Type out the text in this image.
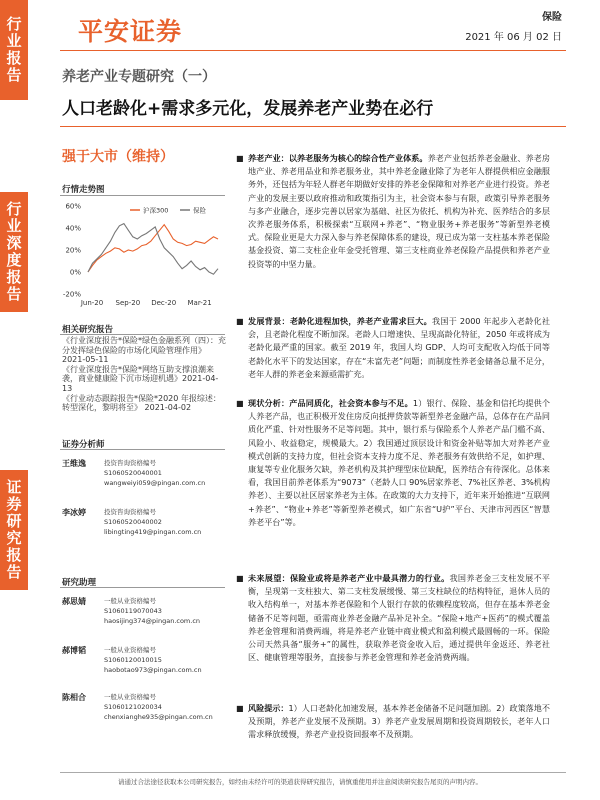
行业报告
行业深度报告
证券研究报告
平安证券	保险
2021 年 06 月 02 日
养老产业专题研究（一）
人口老龄化+需求多元化，发展养老产业势在必行
强于大市（维持）
行情走势图
60%
40%
20%
0%
-20%
Jun-20 Sep-20 Dec-20 Mar-21
沪深300	保险
相关研究报告
《行业深度报告*保险*绿色金融系列（四）：充分发挥绿色保险的市场化风险管理作用》 2021-05-11
《行业深度报告*保险*网络互助支撑浪潮来袭，商业健康险下沉市场迎机遇》2021-04-13
《行业动态跟踪报告*保险*2020 年报综述：转型深化，黎明将至》 2021-04-02
证券分析师
王维逸	投资咨询资格编号
S1060520040001
wangweiyi059@pingan.com.cn
李冰婷	投资咨询资格编号
S1060520040002
libingting419@pingan.com.cn
研究助理
郝思婧	一般从业资格编号
S1060119070043
haosijing374@pingan.com.cn
郝博韬	一般从业资格编号
S1060120010015
haobotao973@pingan.com.cn
陈相合	一般从业资格编号
S1060121020034
chenxianghe935@pingan.com.cn
■ 养老产业：以养老服务为核心的综合性产业体系。养老产业包括养老金融业、养老房地产业、养老用品业和养老服务业，其中养老金融业除了为老年人群提供相应金融服务外，还包括为年轻人群老年期做好安排的养老金保障和对养老产业进行投资。养老产业的发展主要以政府推动和政策指引为主，社会资本参与有限，政策引导养老服务与多产业融合，逐步完善以居家为基础、社区为依托、机构为补充、医养结合的多层次养老服务体系，积极探索“互联网+养老”、“物业服务+养老服务”等新型养老模式。保险业更是大力深入参与养老保障体系的建设，现已成为第一支柱基本养老保险基金投资、第二支柱企业年金受托管理、第三支柱商业养老保险产品提供和养老产业投资等的中坚力量。
■ 发展背景：老龄化进程加快，养老产业需求巨大。我国于 2000 年起步入老龄化社会，且老龄化程度不断加深。老龄人口增速快、呈现高龄化特征，2050 年或将成为老龄化最严重的国家。截至 2019 年，我国人均 GDP、人均可支配收入均低于同等老龄化水平下的发达国家，存在“未富先老”问题；而制度性养老金储备总量不足分，老年人群的养老金来源亟需扩充。
■ 现状分析：产品同质化，社会资本参与不足。1）银行、保险、基金和信托均提供个人养老产品，也正积极开发住房反向抵押贷款等新型养老金融产品，总体存在产品同质化严重、针对性服务不足等问题。其中，银行系与保险系个人养老产品门槛不高、风险小、收益稳定，规模最大。2）我国通过顶层设计和资金补贴等加大对养老产业模式创新的支持力度，但社会资本支持力度不足、养老服务有效供给不足，如护理、康复等专业化服务欠缺，养老机构及其护理型床位缺配，医养结合有待深化。总体来看，我国目前养老体系为“9073”（老龄人口 90%居家养老、7%社区养老、3%机构养老）、主要以社区居家养老为主体。在政策的大力支持下，近年来开始推进“互联网+养老”、“物业+养老”等新型养老模式，如广东省“U护”平台、天津市河西区“智慧养老平台”等。
■ 未来展望：保险业或将是养老产业中最具潜力的行业。我国养老金三支柱发展不平衡，呈现第一支柱独大、第二支柱发展缓慢、第三支柱缺位的结构特征，退休人员的收入结构单一，对基本养老保险和个人银行存款的依赖程度较高，但存在基本养老金储备不足等问题，亟需商业养老金融产品补足补全。“保险+地产+医药”的模式覆盖养老金管理和消费两端，将是养老产业链中商业模式和盈利模式最圆畅的一环。保险公司天然具备“服务+”的属性，获取养老资金收入后，通过提供年金返还、养老社区、健康管理等服务，直接参与养老金管理和养老金消费两端。
■ 风险提示：1）人口老龄化加速发展，基本养老金储备不足问题加剧。2）政策落地不及预期，养老产业发展不及预期。3）养老产业发展周期和投资周期较长，老年人口需求释放缓慢，养老产业投资回报率不及预期。
请通过合法途径获取本公司研究报告，如经由未经许可的渠道获得研究报告，请慎重使用并注意阅读研究报告尾页的声明内容。
